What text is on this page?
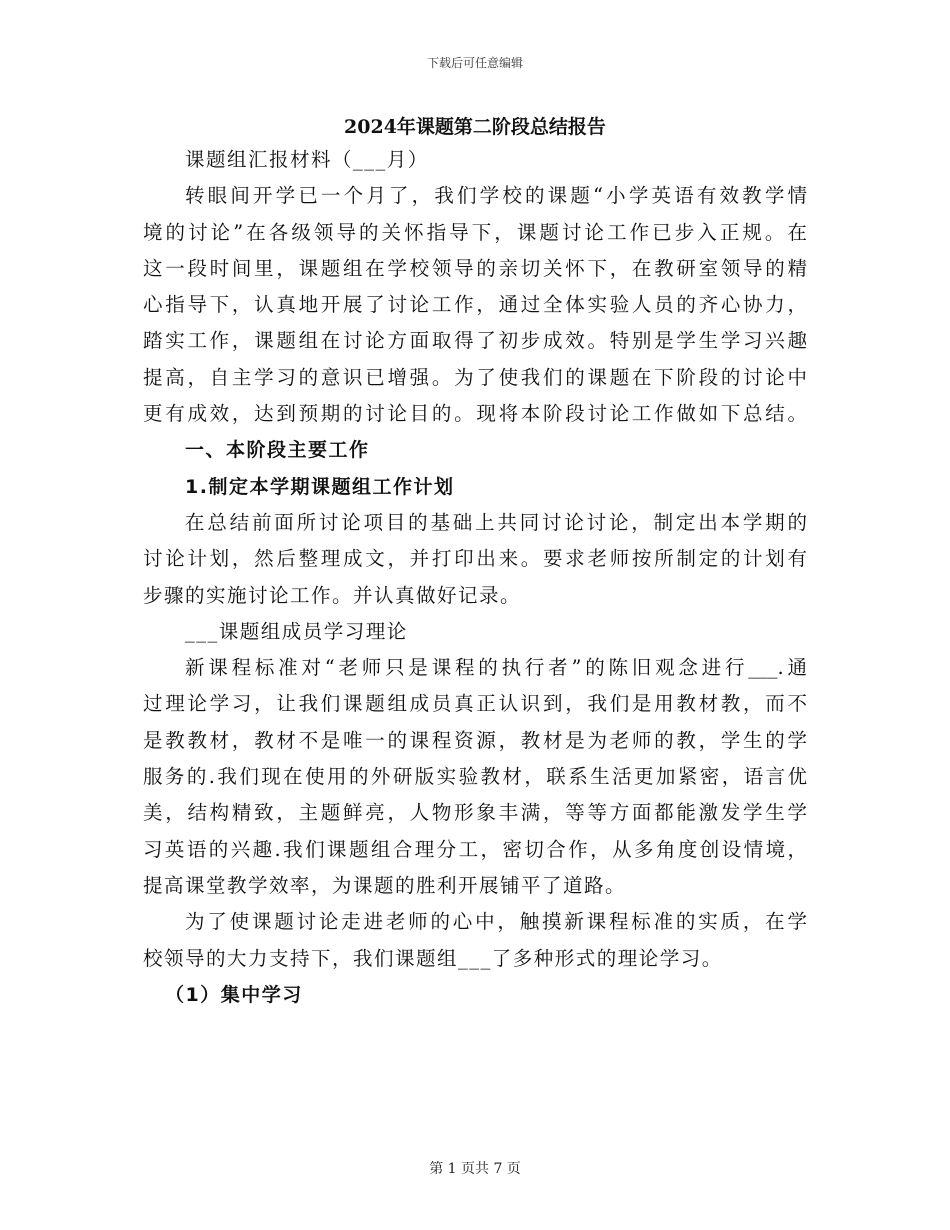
下载后可任意编辑

2024年课题第二阶段总结报告

课题组汇报材料（___月）

转眼间开学已一个月了，我们学校的课题“小学英语有效教学情

境的讨论”在各级领导的关怀指导下，课题讨论工作已步入正规。在

这一段时间里，课题组在学校领导的亲切关怀下，在教研室领导的精

心指导下，认真地开展了讨论工作，通过全体实验人员的齐心协力，

踏实工作，课题组在讨论方面取得了初步成效。特别是学生学习兴趣

提高，自主学习的意识已增强。为了使我们的课题在下阶段的讨论中

更有成效，达到预期的讨论目的。现将本阶段讨论工作做如下总结。

一、本阶段主要工作

1.制定本学期课题组工作计划

在总结前面所讨论项目的基础上共同讨论讨论，制定出本学期的

讨论计划，然后整理成文，并打印出来。要求老师按所制定的计划有

步骤的实施讨论工作。并认真做好记录。

___课题组成员学习理论

新课程标准对“老师只是课程的执行者”的陈旧观念进行___.通

过理论学习，让我们课题组成员真正认识到，我们是用教材教，而不

是教教材，教材不是唯一的课程资源，教材是为老师的教，学生的学

服务的.我们现在使用的外研版实验教材，联系生活更加紧密，语言优

美，结构精致，主题鲜亮，人物形象丰满，等等方面都能激发学生学

习英语的兴趣.我们课题组合理分工，密切合作，从多角度创设情境，

提高课堂教学效率，为课题的胜利开展铺平了道路。

为了使课题讨论走进老师的心中，触摸新课程标准的实质，在学

校领导的大力支持下，我们课题组___了多种形式的理论学习。

（1）集中学习

第 1 页共 7 页
